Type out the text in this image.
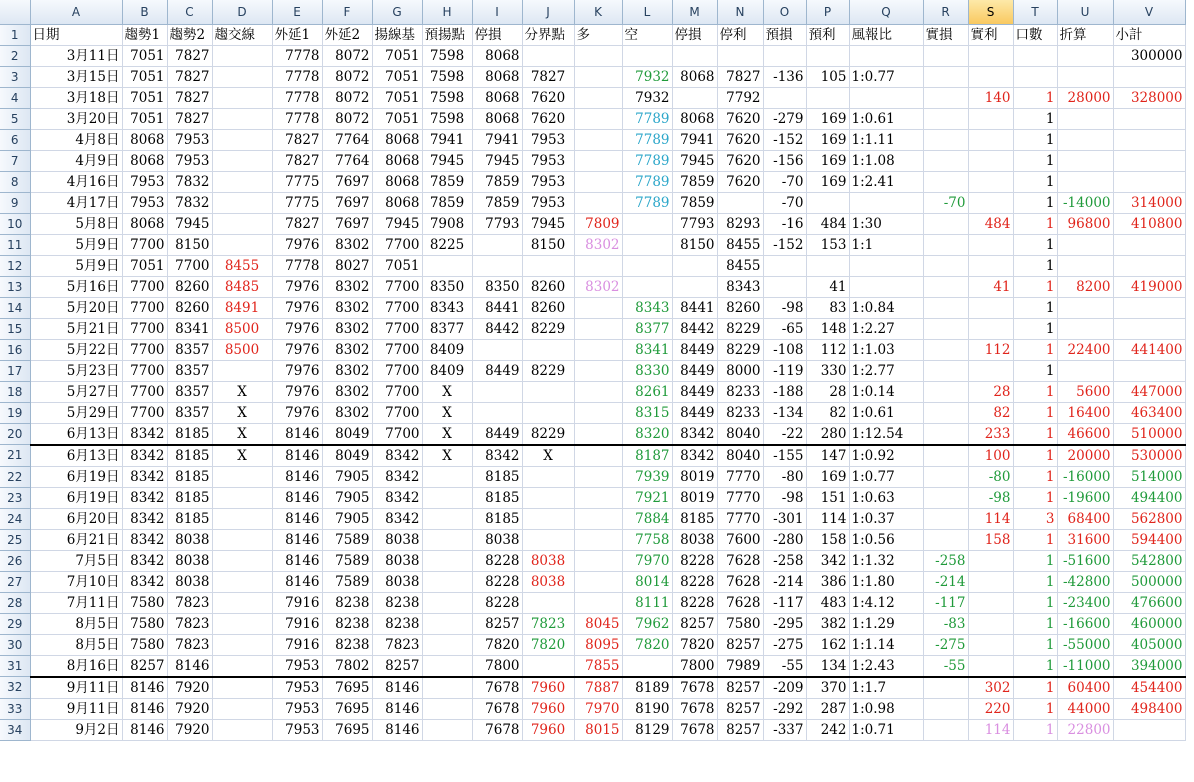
	A	B	C	D	E	F	G	H	I	J	K	L	M	N	O	P	Q	R	S	T	U	V
1	日期	趨勢1	趨勢2	趨交線	外延1	外延2	揚線基	預揚點	停損	分界點	多	空	停損	停利	預損	預利	風報比	實損	實利	口數	折算	小計
2	3月11日	7051	7827		7778	8072	7051	7598	8068													300000
3	3月15日	7051	7827		7778	8072	7051	7598	8068	7827		7932	8068	7827	-136	105	1:0.77					
4	3月18日	7051	7827		7778	8072	7051	7598	8068	7620		7932		7792					140	1	28000	328000
5	3月20日	7051	7827		7778	8072	7051	7598	8068	7620		7789	8068	7620	-279	169	1:0.61			1		
6	4月8日	8068	7953		7827	7764	8068	7941	7941	7953		7789	7941	7620	-152	169	1:1.11			1		
7	4月9日	8068	7953		7827	7764	8068	7945	7945	7953		7789	7945	7620	-156	169	1:1.08			1		
8	4月16日	7953	7832		7775	7697	8068	7859	7859	7953		7789	7859	7620	-70	169	1:2.41			1		
9	4月17日	7953	7832		7775	7697	8068	7859	7859	7953		7789	7859		-70			-70		1	-14000	314000
10	5月8日	8068	7945		7827	7697	7945	7908	7793	7945	7809		7793	8293	-16	484	1:30		484	1	96800	410800
11	5月9日	7700	8150		7976	8302	7700	8225		8150	8302		8150	8455	-152	153	1:1			1		
12	5月9日	7051	7700	8455	7778	8027	7051							8455						1		
13	5月16日	7700	8260	8485	7976	8302	7700	8350	8350	8260	8302			8343		41			41	1	8200	419000
14	5月20日	7700	8260	8491	7976	8302	7700	8343	8441	8260		8343	8441	8260	-98	83	1:0.84			1		
15	5月21日	7700	8341	8500	7976	8302	7700	8377	8442	8229		8377	8442	8229	-65	148	1:2.27			1		
16	5月22日	7700	8357	8500	7976	8302	7700	8409				8341	8449	8229	-108	112	1:1.03		112	1	22400	441400
17	5月23日	7700	8357		7976	8302	7700	8409	8449	8229		8330	8449	8000	-119	330	1:2.77			1		
18	5月27日	7700	8357	X	7976	8302	7700	X				8261	8449	8233	-188	28	1:0.14		28	1	5600	447000
19	5月29日	7700	8357	X	7976	8302	7700	X				8315	8449	8233	-134	82	1:0.61		82	1	16400	463400
20	6月13日	8342	8185	X	8146	8049	7700	X	8449	8229		8320	8342	8040	-22	280	1:12.54		233	1	46600	510000
21	6月13日	8342	8185	X	8146	8049	8342	X	8342	X		8187	8342	8040	-155	147	1:0.92		100	1	20000	530000
22	6月19日	8342	8185		8146	7905	8342		8185			7939	8019	7770	-80	169	1:0.77		-80	1	-16000	514000
23	6月19日	8342	8185		8146	7905	8342		8185			7921	8019	7770	-98	151	1:0.63		-98	1	-19600	494400
24	6月20日	8342	8185		8146	7905	8342		8185			7884	8185	7770	-301	114	1:0.37		114	3	68400	562800
25	6月21日	8342	8038		8146	7589	8038		8038			7758	8038	7600	-280	158	1:0.56		158	1	31600	594400
26	7月5日	8342	8038		8146	7589	8038		8228	8038		7970	8228	7628	-258	342	1:1.32	-258		1	-51600	542800
27	7月10日	8342	8038		8146	7589	8038		8228	8038		8014	8228	7628	-214	386	1:1.80	-214		1	-42800	500000
28	7月11日	7580	7823		7916	8238	8238		8228			8111	8228	7628	-117	483	1:4.12	-117		1	-23400	476600
29	8月5日	7580	7823		7916	8238	8238		8257	7823	8045	7962	8257	7580	-295	382	1:1.29	-83		1	-16600	460000
30	8月5日	7580	7823		7916	8238	7823		7820	7820	8095	7820	7820	8257	-275	162	1:1.14	-275		1	-55000	405000
31	8月16日	8257	8146		7953	7802	8257		7800		7855		7800	7989	-55	134	1:2.43	-55		1	-11000	394000
32	9月11日	8146	7920		7953	7695	8146		7678	7960	7887	8189	7678	8257	-209	370	1:1.7		302	1	60400	454400
33	9月11日	8146	7920		7953	7695	8146		7678	7960	7970	8190	7678	8257	-292	287	1:0.98		220	1	44000	498400
34	9月2日	8146	7920		7953	7695	8146		7678	7960	8015	8129	7678	8257	-337	242	1:0.71		114	1	22800	
